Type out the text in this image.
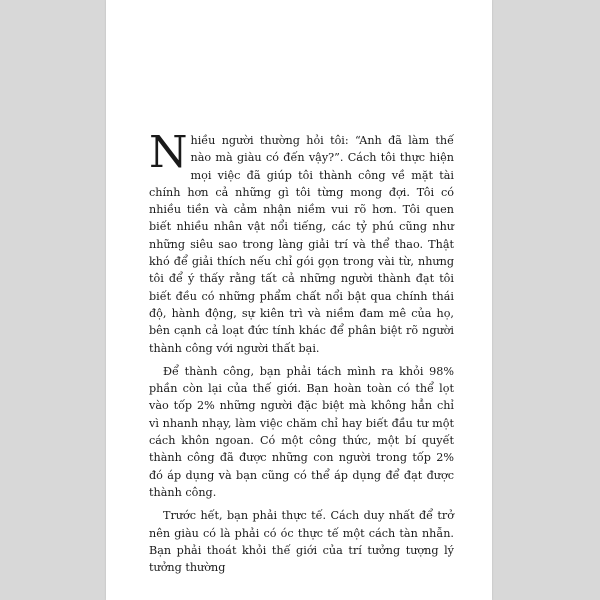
Nhiều người thường hỏi tôi: “Anh đã làm thế nào mà giàu có đến vậy?”. Cách tôi thực hiện mọi việc đã giúp tôi thành công về mặt tài chính hơn cả những gì tôi từng mong đợi. Tôi có nhiều tiền và cảm nhận niềm vui rõ hơn. Tôi quen biết nhiều nhân vật nổi tiếng, các tỷ phú cũng như những siêu sao trong làng giải trí và thể thao. Thật khó để giải thích nếu chỉ gói gọn trong vài từ, nhưng tôi để ý thấy rằng tất cả những người thành đạt tôi biết đều có những phẩm chất nổi bật qua chính thái độ, hành động, sự kiên trì và niềm đam mê của họ, bên cạnh cả loạt đức tính khác để phân biệt rõ người thành công với người thất bại.

Để thành công, bạn phải tách mình ra khỏi 98% phần còn lại của thế giới. Bạn hoàn toàn có thể lọt vào tốp 2% những người đặc biệt mà không hẳn chỉ vì nhanh nhạy, làm việc chăm chỉ hay biết đầu tư một cách khôn ngoan. Có một công thức, một bí quyết thành công đã được những con người trong tốp 2% đó áp dụng và bạn cũng có thể áp dụng để đạt được thành công.

Trước hết, bạn phải thực tế. Cách duy nhất để trở nên giàu có là phải có óc thực tế một cách tàn nhẫn. Bạn phải thoát khỏi thế giới của trí tưởng tượng lý tưởng thường
